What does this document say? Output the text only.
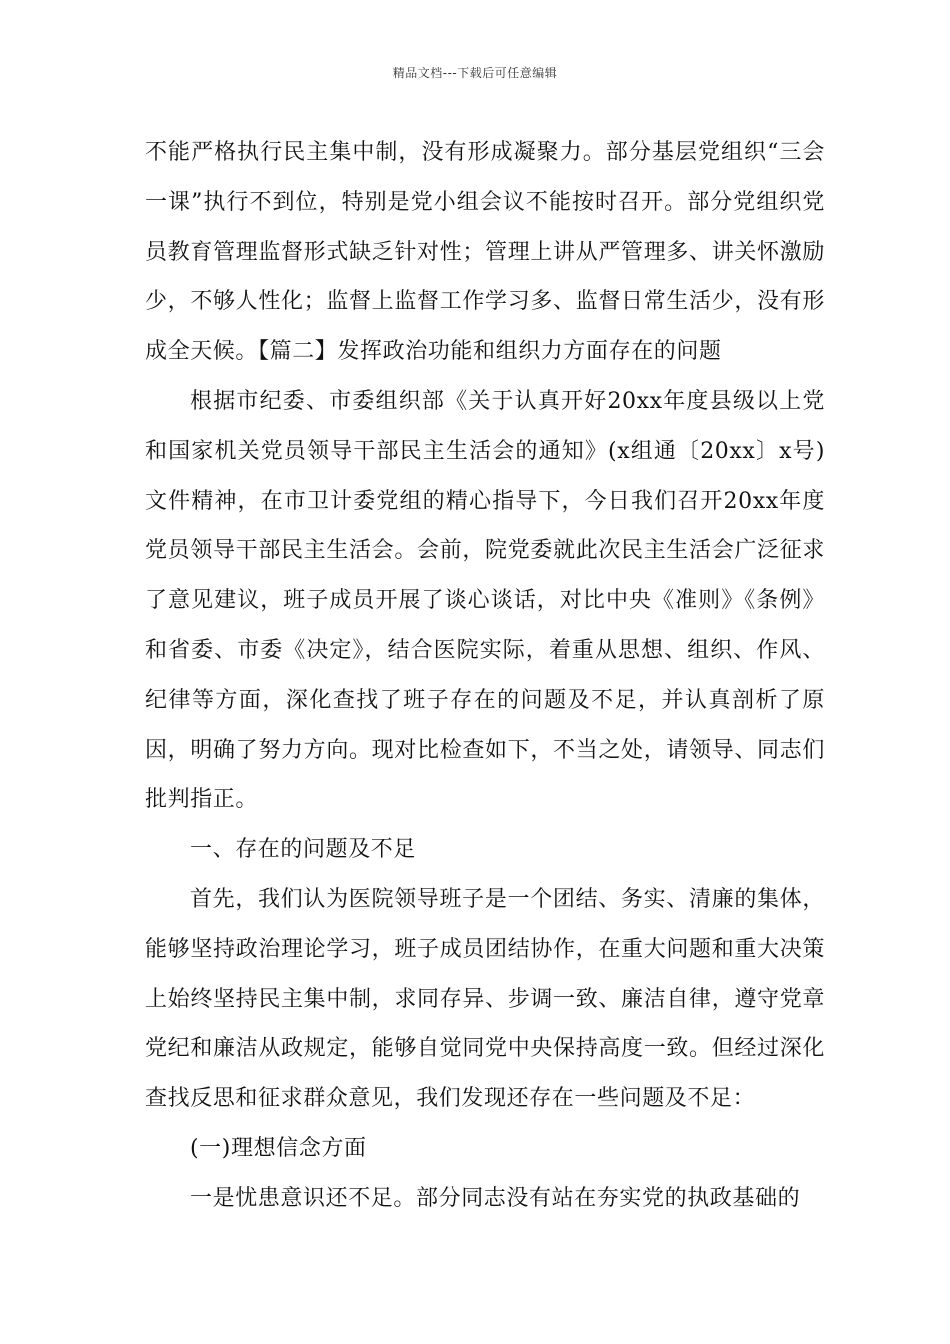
精品文档---下载后可任意编辑

不能严格执行民主集中制，没有形成凝聚力。部分基层党组织“三会一课”执行不到位，特别是党小组会议不能按时召开。部分党组织党员教育管理监督形式缺乏针对性；管理上讲从严管理多、讲关怀激励少，不够人性化；监督上监督工作学习多、监督日常生活少，没有形成全天候。【篇二】发挥政治功能和组织力方面存在的问题

根据市纪委、市委组织部《关于认真开好20xx年度县级以上党和国家机关党员领导干部民主生活会的通知》(x组通〔20xx〕x号)文件精神，在市卫计委党组的精心指导下，今日我们召开20xx年度党员领导干部民主生活会。会前，院党委就此次民主生活会广泛征求了意见建议，班子成员开展了谈心谈话，对比中央《准则》《条例》和省委、市委《决定》，结合医院实际，着重从思想、组织、作风、纪律等方面，深化查找了班子存在的问题及不足，并认真剖析了原因，明确了努力方向。现对比检查如下，不当之处，请领导、同志们批判指正。

一、存在的问题及不足

首先，我们认为医院领导班子是一个团结、务实、清廉的集体，能够坚持政治理论学习，班子成员团结协作，在重大问题和重大决策上始终坚持民主集中制，求同存异、步调一致、廉洁自律，遵守党章党纪和廉洁从政规定，能够自觉同党中央保持高度一致。但经过深化查找反思和征求群众意见，我们发现还存在一些问题及不足：

(一)理想信念方面

一是忧患意识还不足。部分同志没有站在夯实党的执政基础的
